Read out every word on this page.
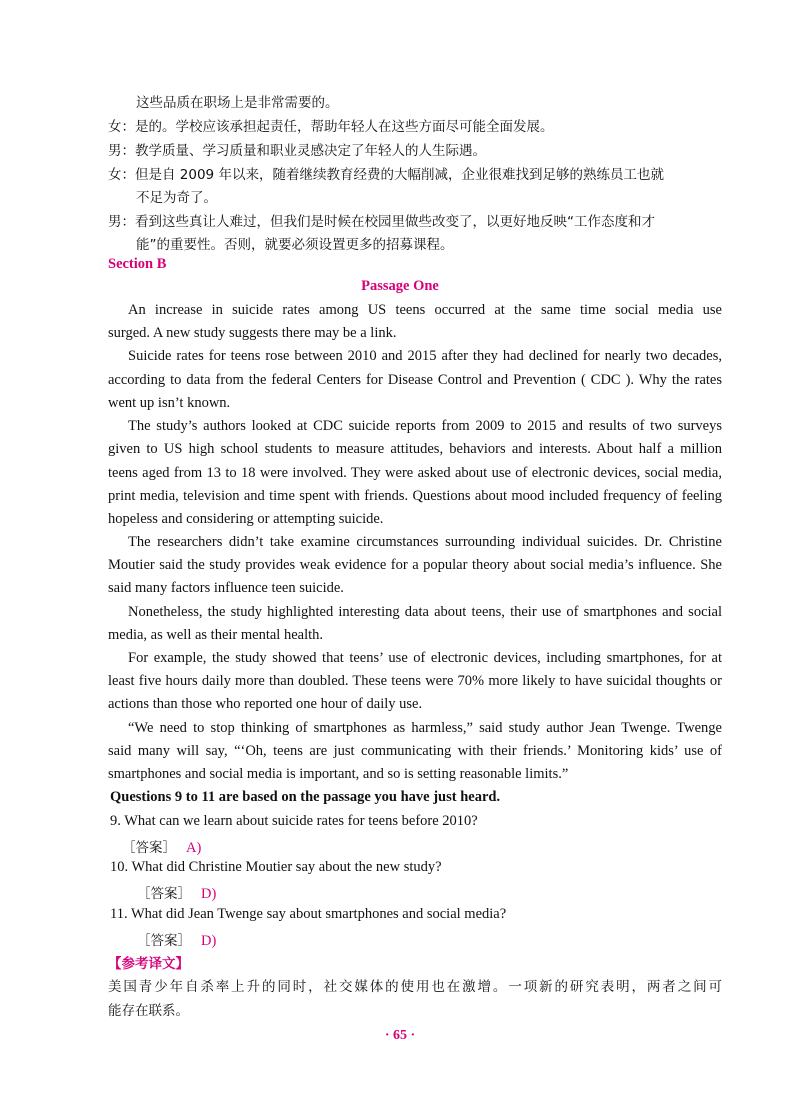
这些品质在职场上是非常需要的。
女：是的。学校应该承担起责任，帮助年轻人在这些方面尽可能全面发展。
男：教学质量、学习质量和职业灵感决定了年轻人的人生际遇。
女：但是自 2009 年以来，随着继续教育经费的大幅削减，企业很难找到足够的熟练员工也就
不足为奇了。
男：看到这些真让人难过，但我们是时候在校园里做些改变了，以更好地反映“工作态度和才
能”的重要性。否则，就要必须设置更多的招募课程。
Section B
Passage One
An increase in suicide rates among US teens occurred at the same time social media use
surged. A new study suggests there may be a link.
Suicide rates for teens rose between 2010 and 2015 after they had declined for nearly two decades,
according to data from the federal Centers for Disease Control and Prevention ( CDC ). Why the rates
went up isn’t known.
The study’s authors looked at CDC suicide reports from 2009 to 2015 and results of two surveys
given to US high school students to measure attitudes, behaviors and interests. About half a million
teens aged from 13 to 18 were involved. They were asked about use of electronic devices, social media,
print media, television and time spent with friends. Questions about mood included frequency of feeling
hopeless and considering or attempting suicide.
The researchers didn’t take examine circumstances surrounding individual suicides. Dr. Christine
Moutier said the study provides weak evidence for a popular theory about social media’s influence. She
said many factors influence teen suicide.
Nonetheless, the study highlighted interesting data about teens, their use of smartphones and social
media, as well as their mental health.
For example, the study showed that teens’ use of electronic devices, including smartphones, for at
least five hours daily more than doubled. These teens were 70% more likely to have suicidal thoughts or
actions than those who reported one hour of daily use.
“We need to stop thinking of smartphones as harmless,” said study author Jean Twenge. Twenge
said many will say, “‘Oh, teens are just communicating with their friends.’ Monitoring kids’ use of
smartphones and social media is important, and so is setting reasonable limits.”
Questions 9 to 11 are based on the passage you have just heard.
9. What can we learn about suicide rates for teens before 2010?
［答案］ A)
10. What did Christine Moutier say about the new study?
［答案］ D)
11. What did Jean Twenge say about smartphones and social media?
［答案］ D)
【参考译文】
美国青少年自杀率上升的同时，社交媒体的使用也在激增。一项新的研究表明，两者之间可
能存在联系。
· 65 ·
